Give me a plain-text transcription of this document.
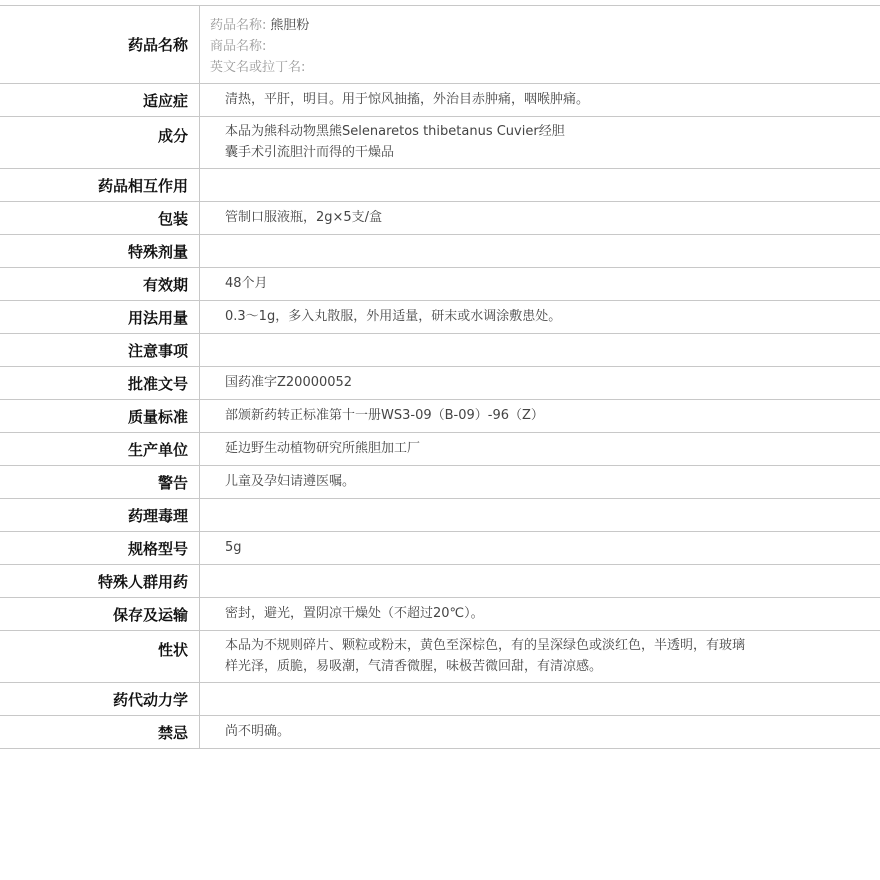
药品名称
药品名称: 熊胆粉
商品名称:
英文名或拉丁名:
适应症	清热，平肝，明目。用于惊风抽搐，外治目赤肿痛，咽喉肿痛。
成分	本品为熊科动物黑熊Selenaretos thibetanus Cuvier经胆
囊手术引流胆汁而得的干燥品
药品相互作用
包装	管制口服液瓶，2g×5支/盒
特殊剂量
有效期	48个月
用法用量	0.3～1g，多入丸散服，外用适量，研末或水调涂敷患处。
注意事项
批准文号	国药准字Z20000052
质量标准	部颁新药转正标准第十一册WS3-09（B-09）-96（Z）
生产单位	延边野生动植物研究所熊胆加工厂
警告	儿童及孕妇请遵医嘱。
药理毒理
规格型号	5g
特殊人群用药
保存及运输	密封，避光，置阴凉干燥处（不超过20℃）。
性状	本品为不规则碎片、颗粒或粉末，黄色至深棕色，有的呈深绿色或淡红色，半透明，有玻璃
样光泽，质脆，易吸潮，气清香微腥，味极苦微回甜，有清凉感。
药代动力学
禁忌	尚不明确。
